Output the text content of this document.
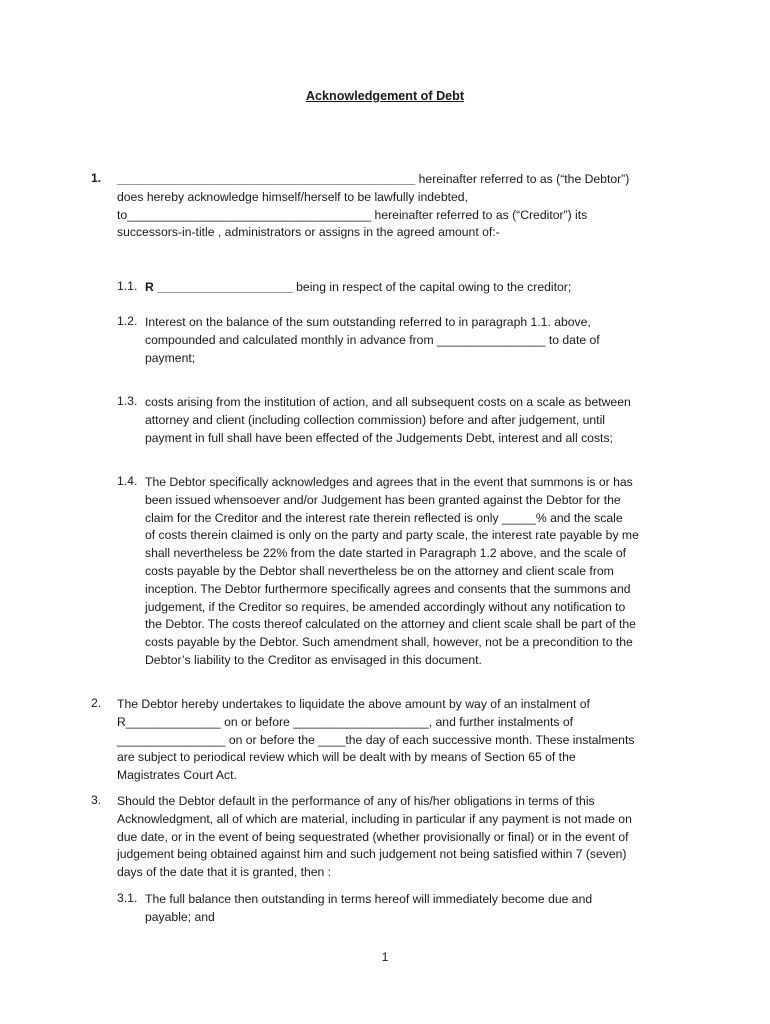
Acknowledgement of Debt
1. ____________________________________________ hereinafter referred to as (“the Debtor”)

does hereby acknowledge himself/herself to be lawfully indebted,

to____________________________________ hereinafter referred to as (“Creditor”) its

successors-in-title , administrators or assigns in the agreed amount of:-

1.1. R ____________________ being in respect of the capital owing to the creditor;

1.2. Interest on the balance of the sum outstanding referred to in paragraph 1.1. above,

compounded and calculated monthly in advance from ________________ to date of

payment;

1.3. costs arising from the institution of action, and all subsequent costs on a scale as between

attorney and client (including collection commission) before and after judgement, until

payment in full shall have been effected of the Judgements Debt, interest and all costs;

1.4. The Debtor specifically acknowledges and agrees that in the event that summons is or has

been issued whensoever and/or Judgement has been granted against the Debtor for the

claim for the Creditor and the interest rate therein reflected is only _____% and the scale

of costs therein claimed is only on the party and party scale, the interest rate payable by me

shall nevertheless be 22% from the date started in Paragraph 1.2 above, and the scale of

costs payable by the Debtor shall nevertheless be on the attorney and client scale from

inception. The Debtor furthermore specifically agrees and consents that the summons and

judgement, if the Creditor so requires, be amended accordingly without any notification to

the Debtor. The costs thereof calculated on the attorney and client scale shall be part of the

costs payable by the Debtor. Such amendment shall, however, not be a precondition to the

Debtor’s liability to the Creditor as envisaged in this document.

2. The Debtor hereby undertakes to liquidate the above amount by way of an instalment of

R______________ on or before ____________________, and further instalments of

________________ on or before the ____the day of each successive month. These instalments

are subject to periodical review which will be dealt with by means of Section 65 of the

Magistrates Court Act.

3. Should the Debtor default in the performance of any of his/her obligations in terms of this

Acknowledgment, all of which are material, including in particular if any payment is not made on

due date, or in the event of being sequestrated (whether provisionally or final) or in the event of

judgement being obtained against him and such judgement not being satisfied within 7 (seven)

days of the date that it is granted, then :

3.1. The full balance then outstanding in terms hereof will immediately become due and

payable; and

1
